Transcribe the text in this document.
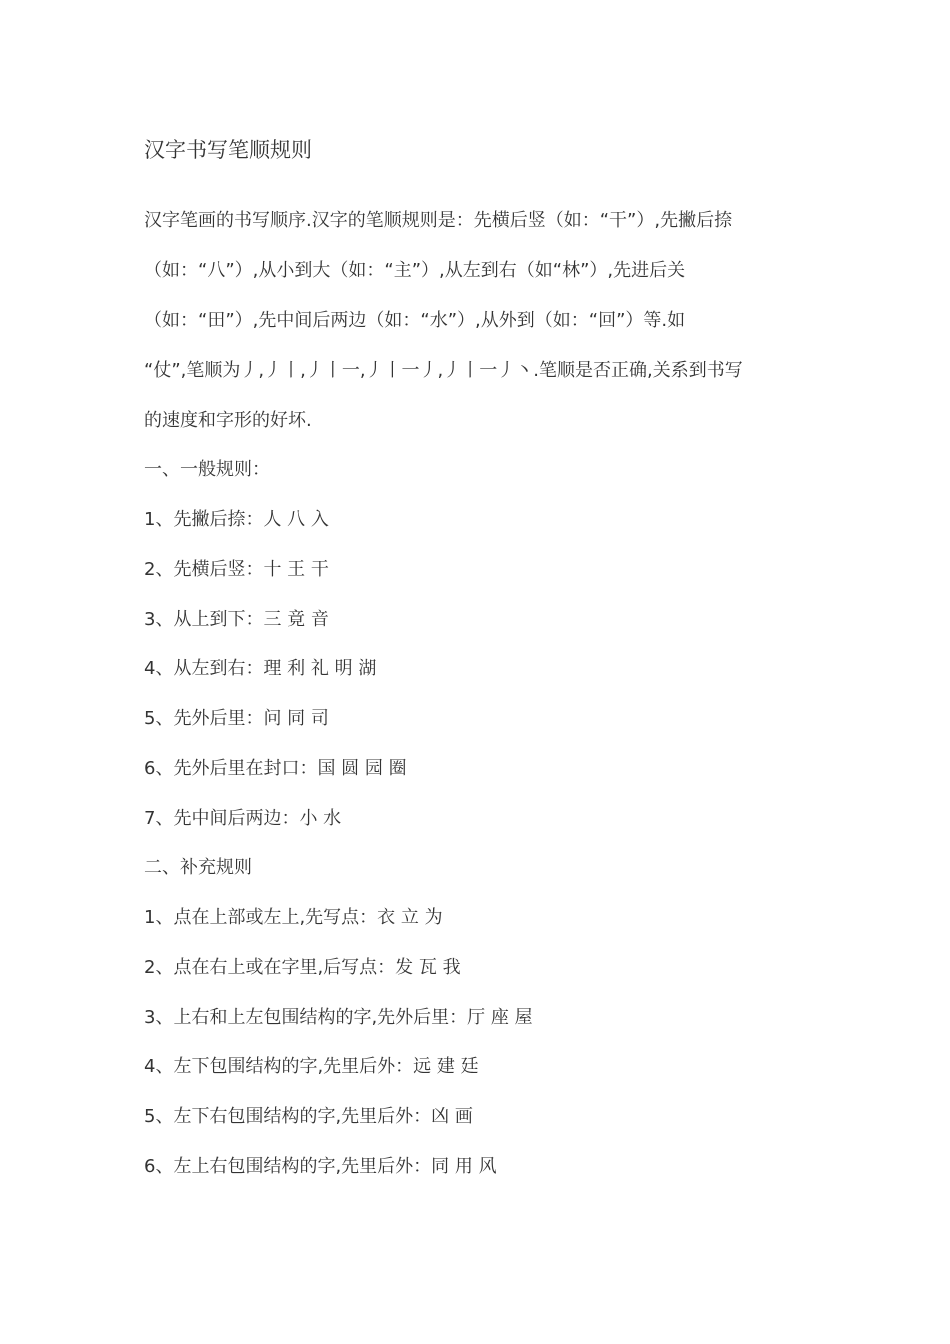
汉字书写笔顺规则
汉字笔画的书写顺序.汉字的笔顺规则是：先横后竖（如：“干”）,先撇后捺
（如：“八”）,从小到大（如：“主”）,从左到右（如“林”）,先进后关
（如：“田”）,先中间后两边（如：“水”）,从外到（如：“回”）等.如
“仗”,笔顺为丿,丿丨,丿丨一,丿丨一丿,丿丨一丿丶.笔顺是否正确,关系到书写
的速度和字形的好坏.
一、一般规则：
1、先撇后捺：人 八 入
2、先横后竖：十 王 干
3、从上到下：三 竟 音
4、从左到右：理 利 礼 明 湖
5、先外后里：问 同 司
6、先外后里在封口：国 圆 园 圈
7、先中间后两边：小 水
二、补充规则
1、点在上部或左上,先写点：衣 立 为
2、点在右上或在字里,后写点：发 瓦 我
3、上右和上左包围结构的字,先外后里：厅 座 屋
4、左下包围结构的字,先里后外：远 建 廷
5、左下右包围结构的字,先里后外：凶 画
6、左上右包围结构的字,先里后外：同 用 风
